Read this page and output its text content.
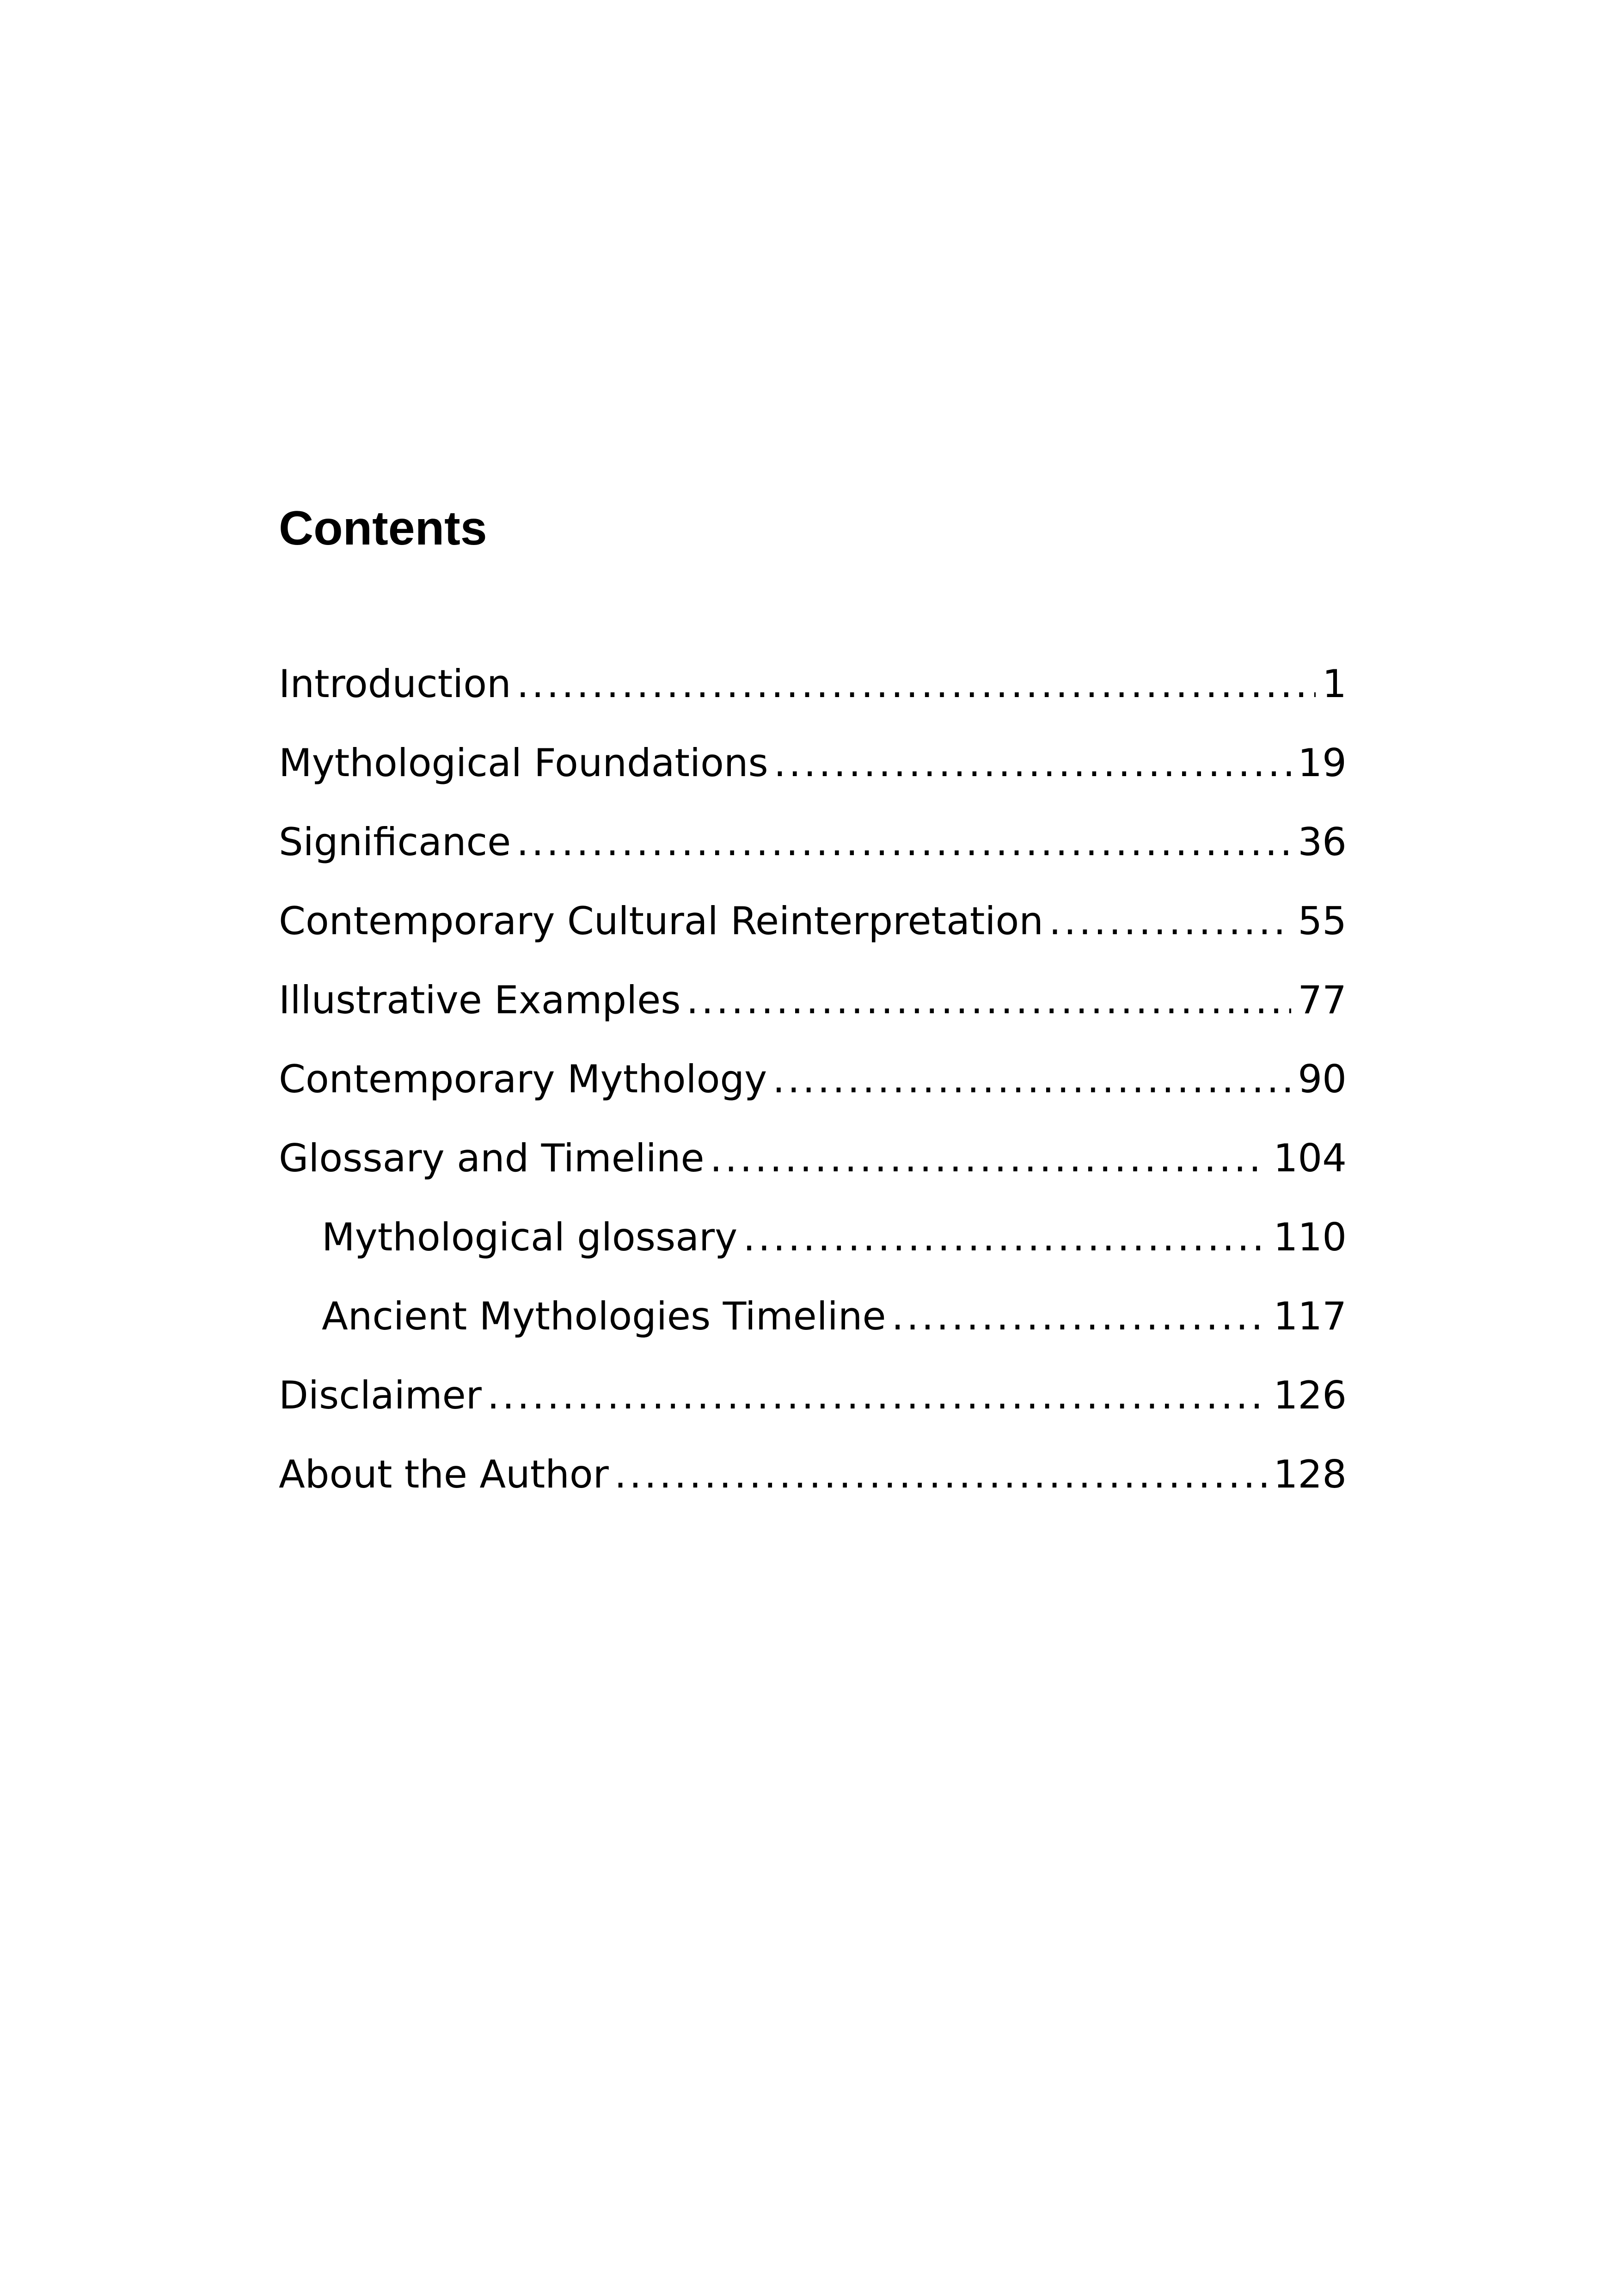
Contents
Introduction .....	1
Mythological Foundations .....	19
Significance .....	36
Contemporary Cultural Reinterpretation .....	55
Illustrative Examples .....	77
Contemporary Mythology .....	90
Glossary and Timeline .....	104
Mythological glossary .....	110
Ancient Mythologies Timeline .....	117
Disclaimer .....	126
About the Author .....	128
